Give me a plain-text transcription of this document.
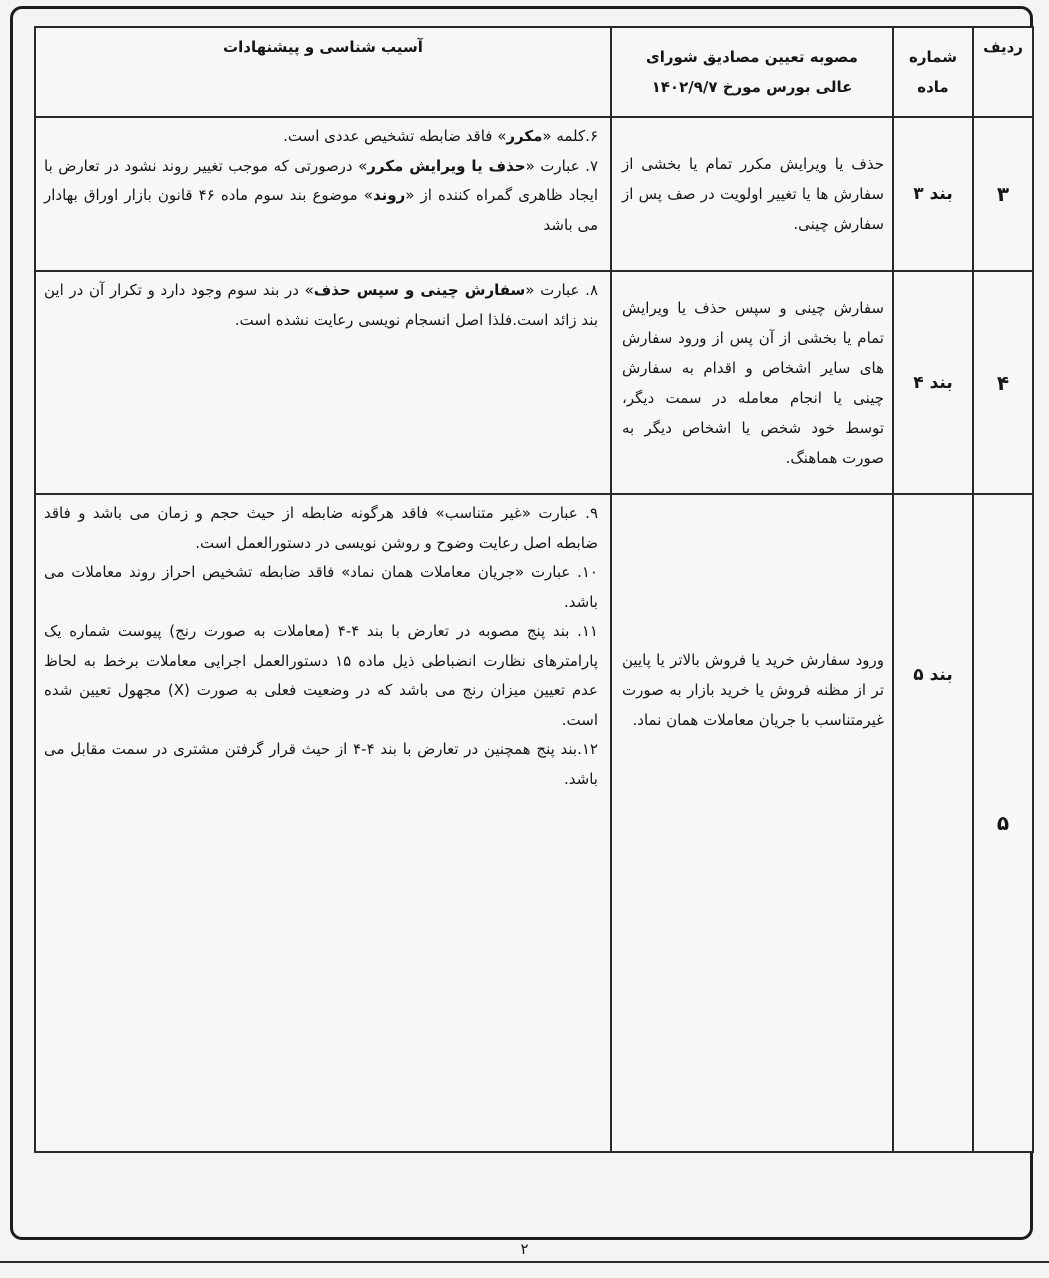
ردیف	شماره ماده	مصوبه تعیین مصادیق شورای عالی بورس مورخ ۱۴۰۲/۹/۷	آسیب شناسی و پیشنهادات
۳	بند ۳	حذف یا ویرایش مکرر تمام یا بخشی از سفارش ها یا تغییر اولویت در صف پس از سفارش چینی.	۶.کلمه «مکرر» فاقد ضابطه تشخیص عددی است.

۷. عبارت «حذف یا ویرایش مکرر» درصورتی که موجب تغییر روند نشود در تعارض با ایجاد ظاهری گمراه کننده از «روند» موضوع بند سوم ماده ۴۶ قانون بازار اوراق بهادار می باشد

۴	بند ۴	سفارش چینی و سپس حذف یا ویرایش تمام یا بخشی از آن پس از ورود سفارش های سایر اشخاص و اقدام به سفارش چینی یا انجام معامله در سمت دیگر، توسط خود شخص یا اشخاص دیگر به صورت هماهنگ.	۸. عبارت «سفارش چینی و سپس حذف» در بند سوم وجود دارد و تکرار آن در این بند زائد است.فلذا اصل انسجام نویسی رعایت نشده است.

۵	بند ۵	ورود سفارش خرید یا فروش بالاتر یا پایین تر از مظنه فروش یا خرید بازار به صورت غیرمتناسب با جریان معاملات همان نماد.	۹. عبارت «غیر متناسب» فاقد هرگونه ضابطه از حیث حجم و زمان می باشد و فاقد ضابطه اصل رعایت وضوح و روشن نویسی در دستورالعمل است.

۱۰. عبارت «جریان معاملات همان نماد» فاقد ضابطه تشخیص احراز روند معاملات می باشد.

۱۱. بند پنج مصوبه در تعارض با بند ۴-۴ (معاملات به صورت رنج) پیوست شماره یک پارامترهای نظارت انضباطی ذیل ماده ۱۵ دستورالعمل اجرایی معاملات برخط به لحاظ عدم تعیین میزان رنج می باشد که در وضعیت فعلی به صورت (X) مجهول تعیین شده است.

۱۲.بند پنج همچنین در تعارض با بند ۴-۴ از حیث قرار گرفتن مشتری در سمت مقابل می باشد.

۲
